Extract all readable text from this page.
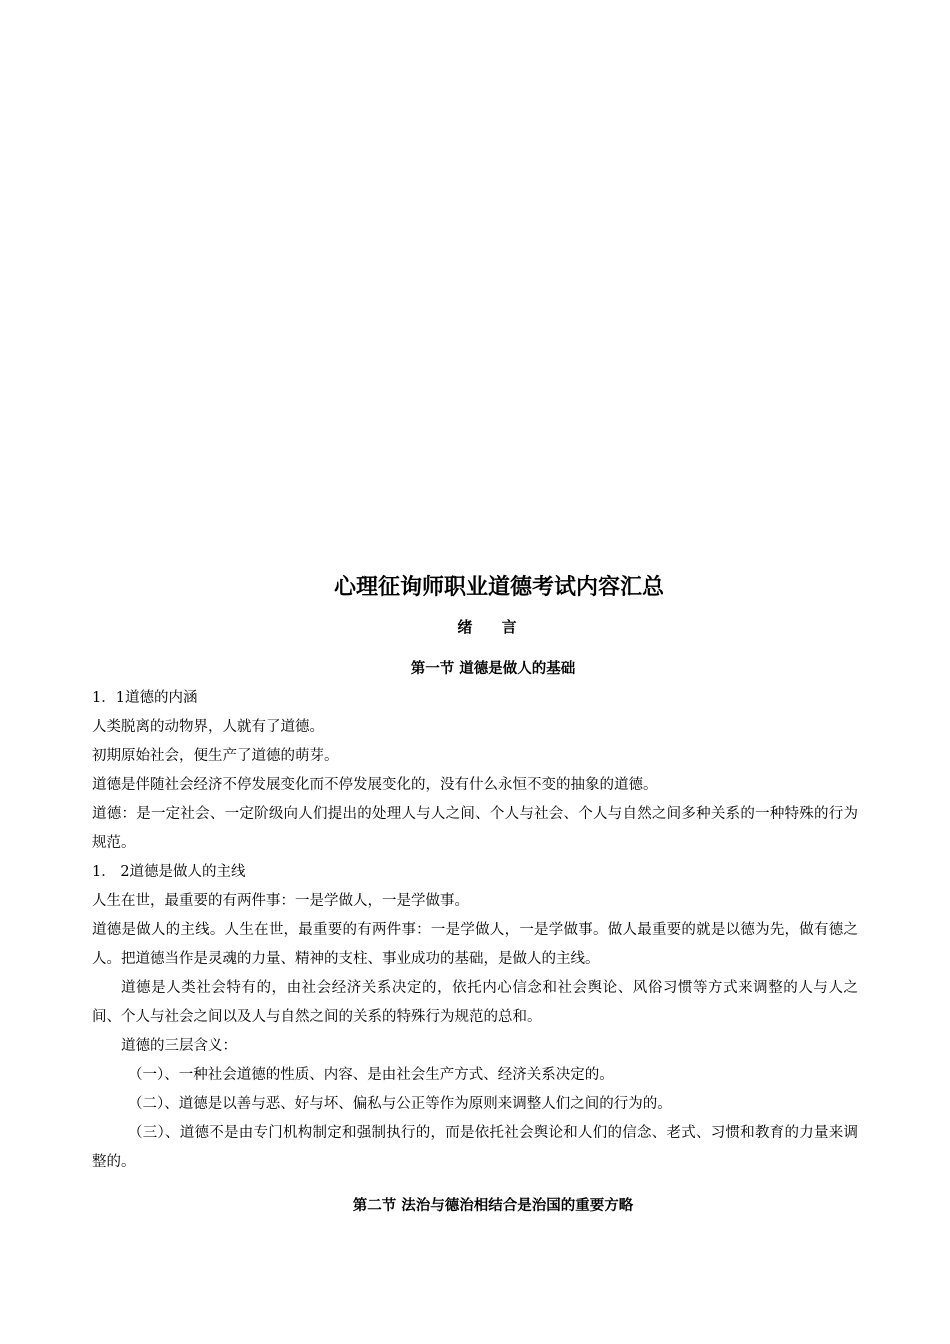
心理征询师职业道德考试内容汇总
绪 言
第一节 道德是做人的基础

1．1道德的内涵

人类脱离的动物界，人就有了道德。

初期原始社会，便生产了道德的萌芽。

道德是伴随社会经济不停发展变化而不停发展变化的，没有什么永恒不变的抽象的道德。

道德：是一定社会、一定阶级向人们提出的处理人与人之间、个人与社会、个人与自然之间多种关系的一种特殊的行为规范。

1． 2道德是做人的主线

人生在世，最重要的有两件事：一是学做人，一是学做事。

道德是做人的主线。人生在世，最重要的有两件事：一是学做人，一是学做事。做人最重要的就是以德为先，做有德之人。把道德当作是灵魂的力量、精神的支柱、事业成功的基础，是做人的主线。

道德是人类社会特有的，由社会经济关系决定的，依托内心信念和社会舆论、风俗习惯等方式来调整的人与人之间、个人与社会之间以及人与自然之间的关系的特殊行为规范的总和。

道德的三层含义：

（一）、一种社会道德的性质、内容、是由社会生产方式、经济关系决定的。

（二）、道德是以善与恶、好与坏、偏私与公正等作为原则来调整人们之间的行为的。

（三）、道德不是由专门机构制定和强制执行的，而是依托社会舆论和人们的信念、老式、习惯和教育的力量来调整的。

第二节 法治与德治相结合是治国的重要方略
